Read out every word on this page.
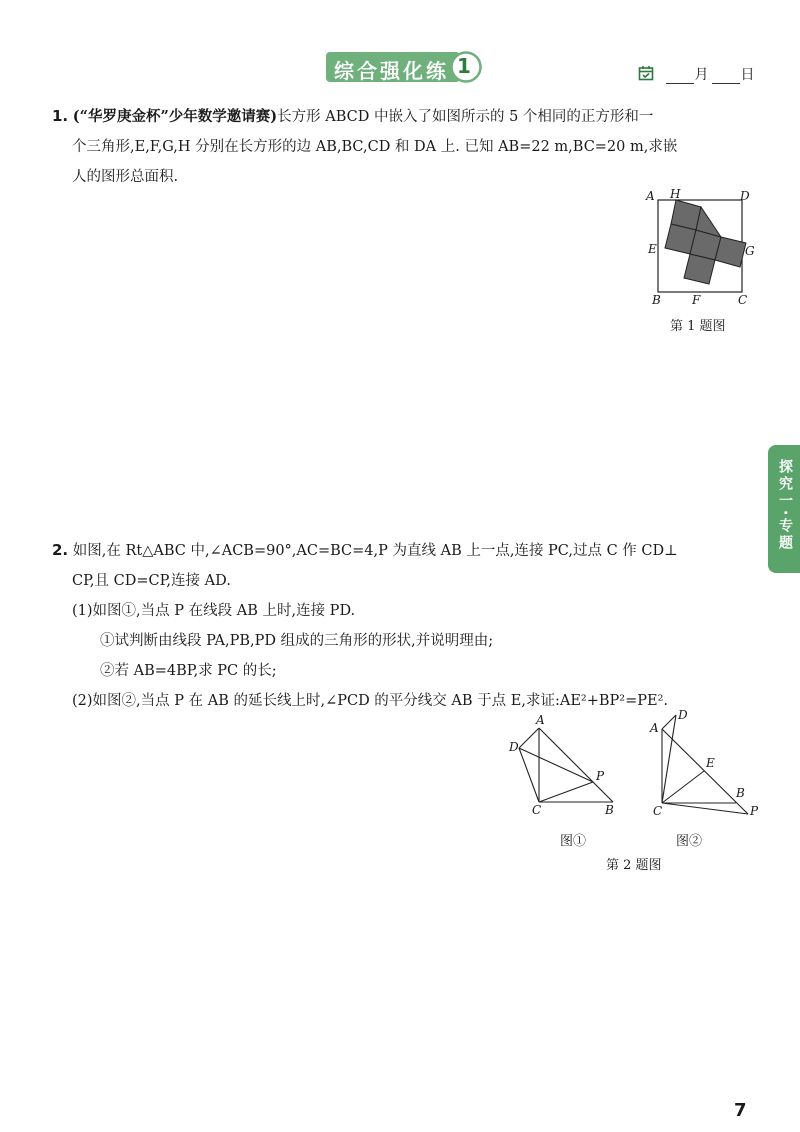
综合强化练 1	月 日
1. (“华罗庚金杯”少年数学邀请赛)长方形 ABCD 中嵌入了如图所示的 5 个相同的正方形和一
个三角形,E,F,G,H 分别在长方形的边 AB,BC,CD 和 DA 上. 已知 AB=22 m,BC=20 m,求嵌
人的图形总面积.
A H	D
E	G
B	F	C
第 1 题图
探究一·专题
2. 如图,在 Rt△ABC 中,∠ACB=90°,AC=BC=4,P 为直线 AB 上一点,连接 PC,过点 C 作 CD⊥
CP,且 CD=CP,连接 AD.
(1)如图①,当点 P 在线段 AB 上时,连接 PD.
①试判断由线段 PA,PB,PD 组成的三角形的形状,并说明理由;
②若 AB=4BP,求 PC 的长;
(2)如图②,当点 P 在 AB 的延长线上时,∠PCD 的平分线交 AB 于点 E,求证:AE²+BP²=PE².
A
D
P
C	B
图①
A
D
E
B
C	P
图②
第 2 题图
7
